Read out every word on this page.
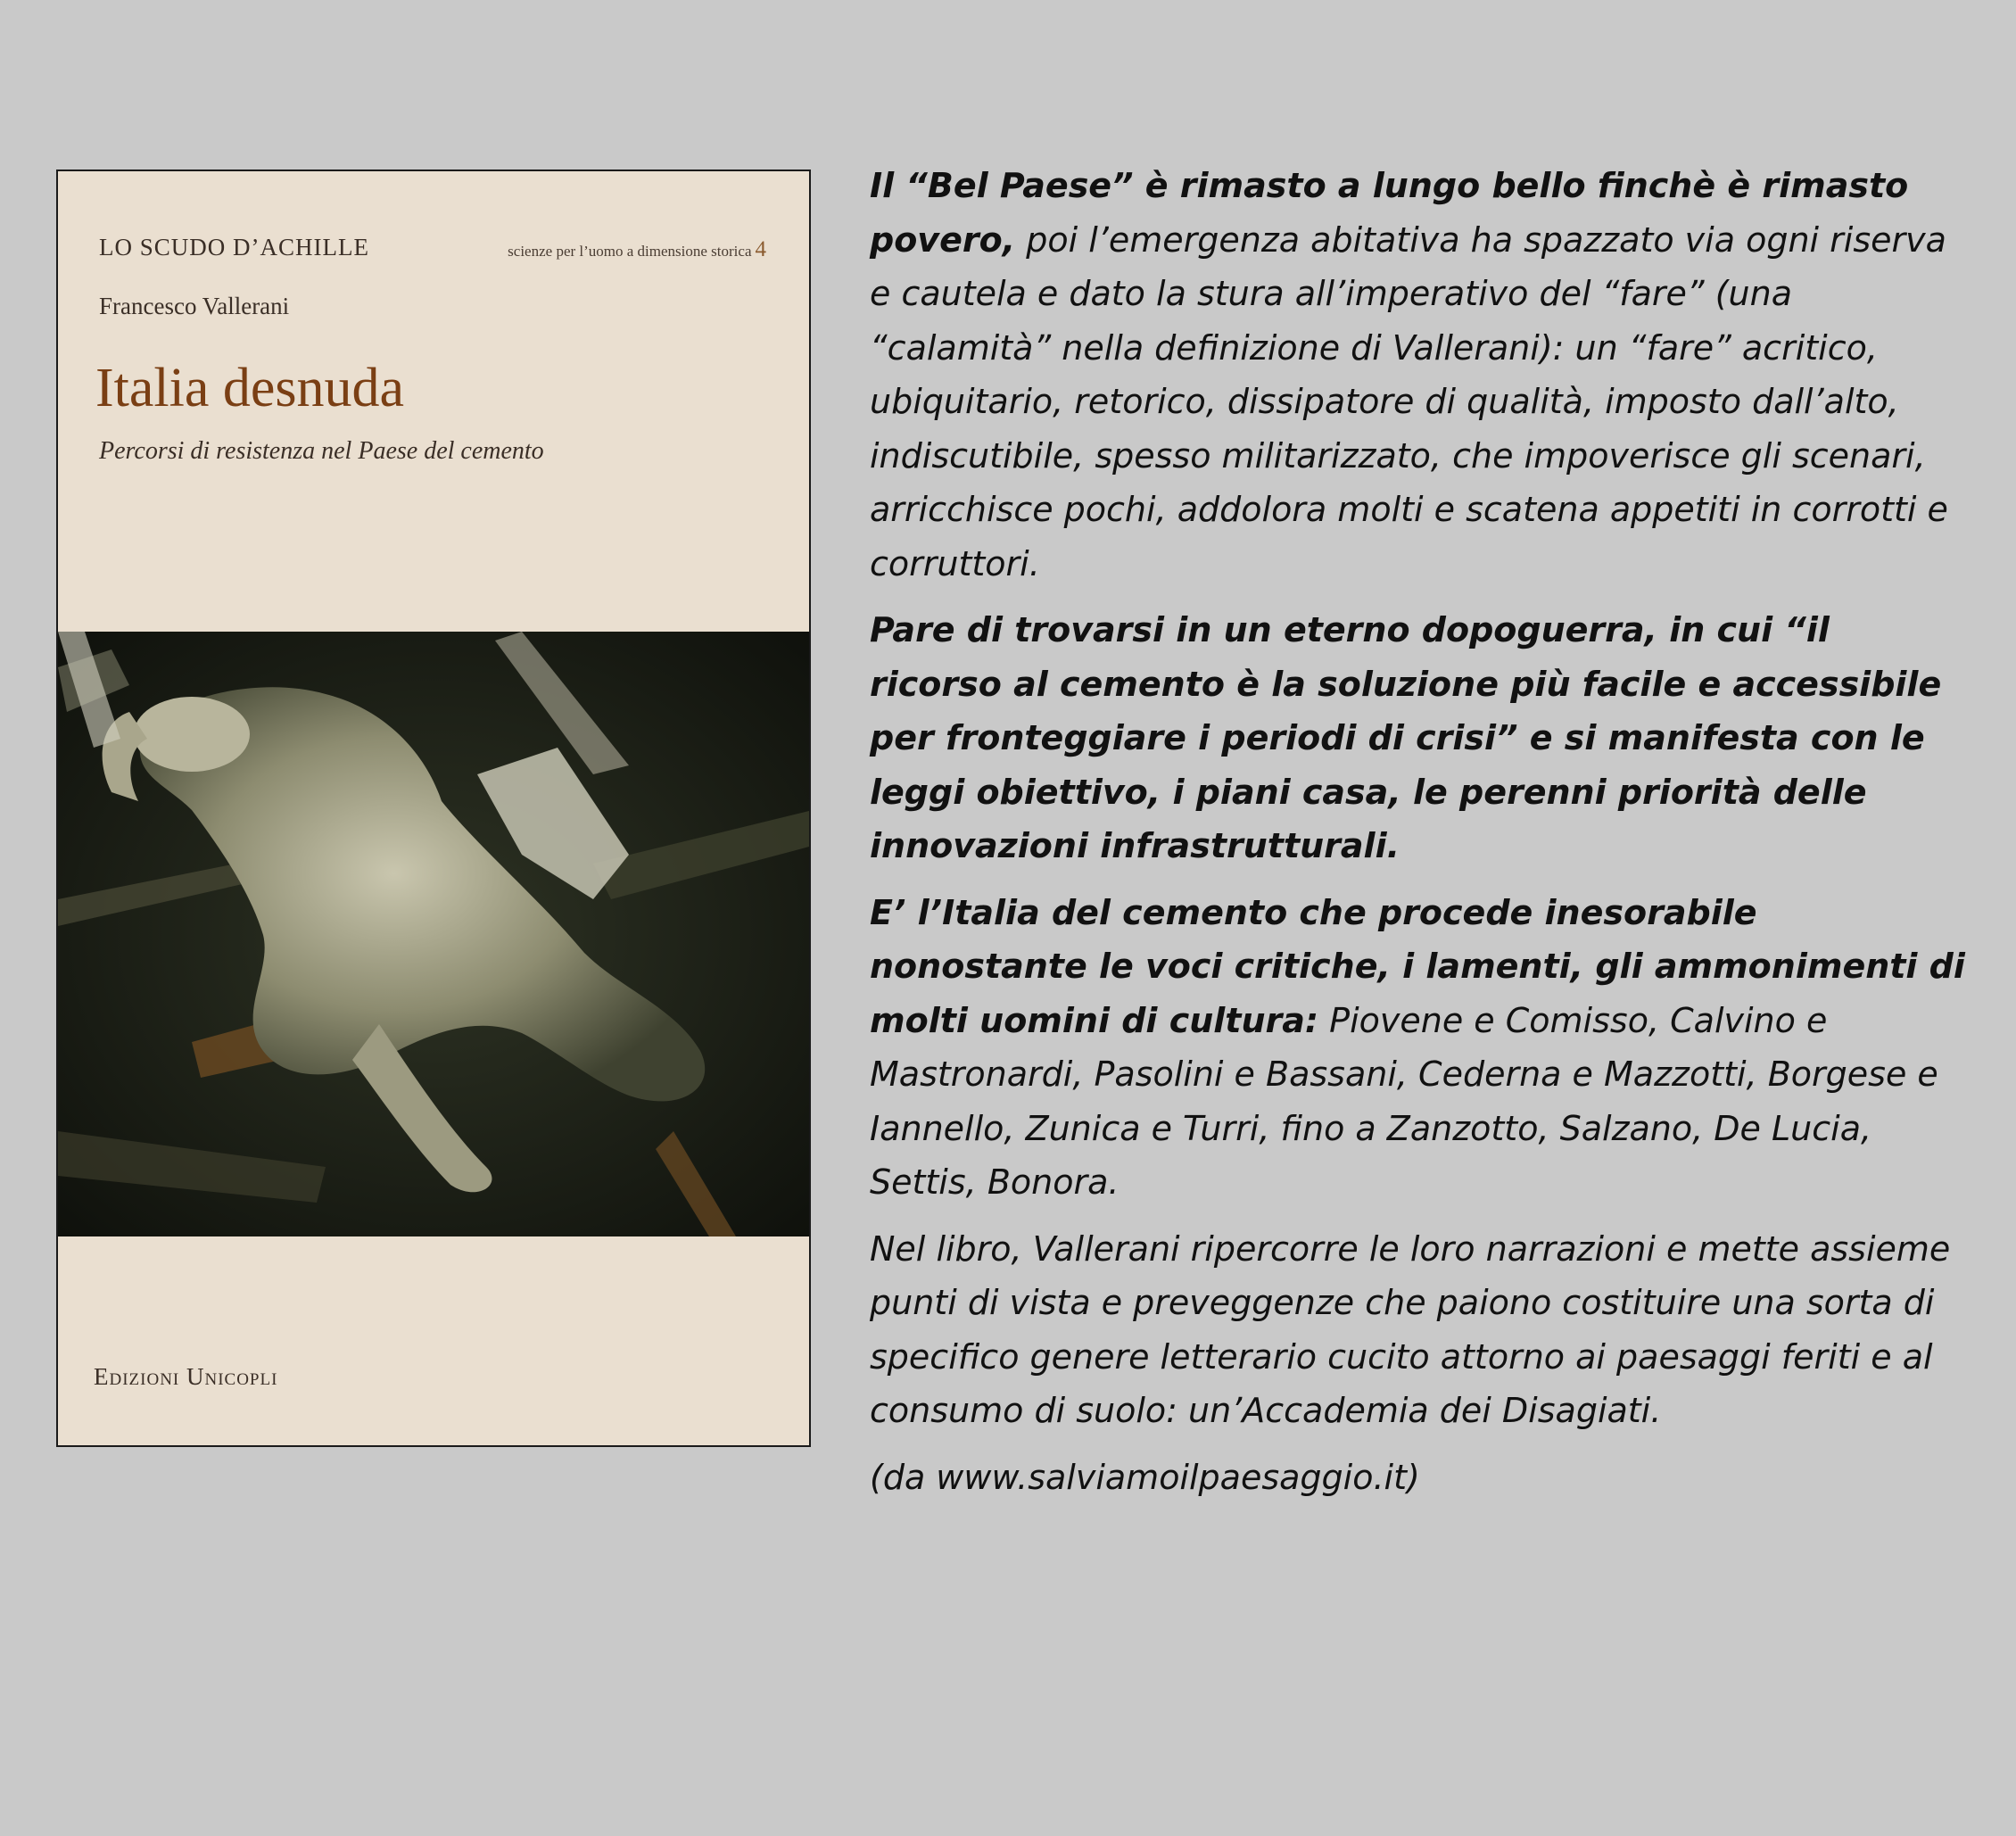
LO SCUDO D’ACHILLE	scienze per l’uomo a dimensione storica 4
Francesco Vallerani
Italia desnuda
Percorsi di resistenza nel Paese del cemento
Edizioni Unicopli

Il “Bel Paese” è rimasto a lungo bello finchè è rimasto povero, poi l’emergenza abitativa ha spazzato via ogni riserva e cautela e dato la stura all’imperativo del “fare” (una “calamità” nella definizione di Vallerani): un “fare” acritico, ubiquitario, retorico, dissipatore di qualità, imposto dall’alto, indiscutibile, spesso militarizzato, che impoverisce gli scenari, arricchisce pochi, addolora molti e scatena appetiti in corrotti e corruttori.

Pare di trovarsi in un eterno dopoguerra, in cui “il ricorso al cemento è la soluzione più facile e accessibile per fronteggiare i periodi di crisi” e si manifesta con le leggi obiettivo, i piani casa, le perenni priorità delle innovazioni infrastrutturali.

E’ l’Italia del cemento che procede inesorabile nonostante le voci critiche, i lamenti, gli ammonimenti di molti uomini di cultura: Piovene e Comisso, Calvino e Mastronardi, Pasolini e Bassani, Cederna e Mazzotti, Borgese e Iannello, Zunica e Turri, fino a Zanzotto, Salzano, De Lucia, Settis, Bonora.

Nel libro, Vallerani ripercorre le loro narrazioni e mette assieme punti di vista e preveggenze che paiono costituire una sorta di specifico genere letterario cucito attorno ai paesaggi feriti e al consumo di suolo: un’Accademia dei Disagiati.

(da www.salviamoilpaesaggio.it)
